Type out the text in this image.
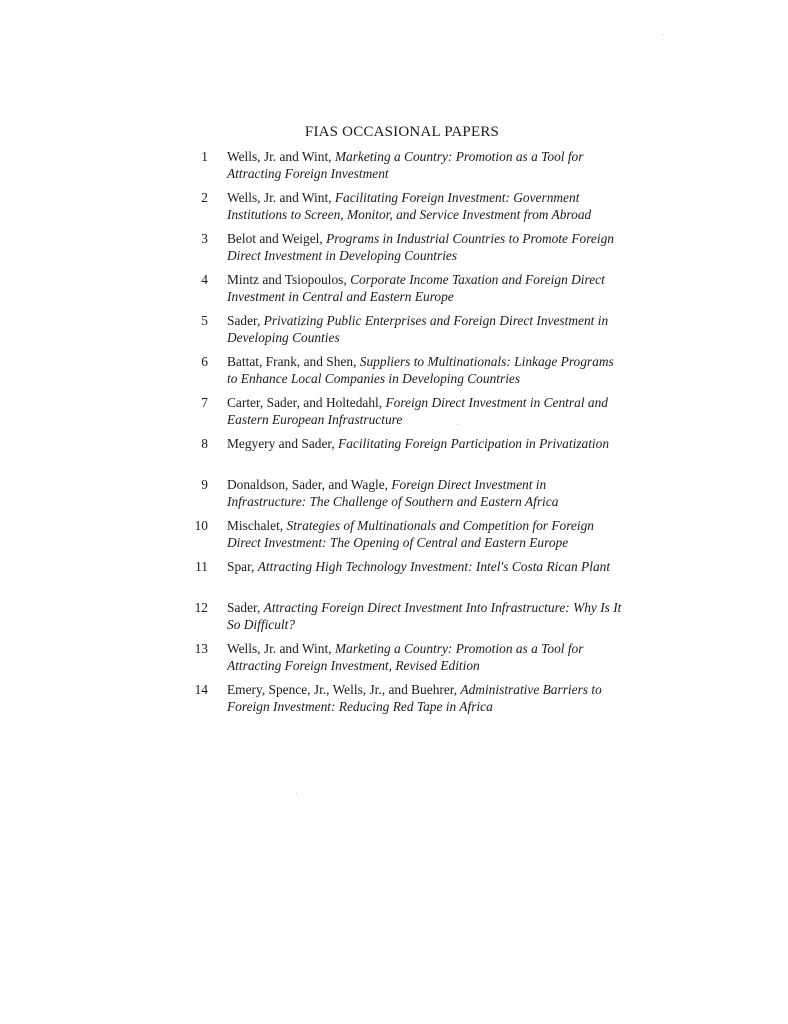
FIAS OCCASIONAL PAPERS
1 Wells, Jr. and Wint, Marketing a Country: Promotion as a Tool for Attracting Foreign Investment
2 Wells, Jr. and Wint, Facilitating Foreign Investment: Government Institutions to Screen, Monitor, and Service Investment from Abroad
3 Belot and Weigel, Programs in Industrial Countries to Promote Foreign Direct Investment in Developing Countries
4 Mintz and Tsiopoulos, Corporate Income Taxation and Foreign Direct Investment in Central and Eastern Europe
5 Sader, Privatizing Public Enterprises and Foreign Direct Investment in Developing Counties
6 Battat, Frank, and Shen, Suppliers to Multinationals: Linkage Programs to Enhance Local Companies in Developing Countries
7 Carter, Sader, and Holtedahl, Foreign Direct Investment in Central and Eastern European Infrastructure
8 Megyery and Sader, Facilitating Foreign Participation in Privatization
9 Donaldson, Sader, and Wagle, Foreign Direct Investment in Infrastructure: The Challenge of Southern and Eastern Africa
10 Mischalet, Strategies of Multinationals and Competition for Foreign Direct Investment: The Opening of Central and Eastern Europe
11 Spar, Attracting High Technology Investment: Intel's Costa Rican Plant
12 Sader, Attracting Foreign Direct Investment Into Infrastructure: Why Is It So Difficult?
13 Wells, Jr. and Wint, Marketing a Country: Promotion as a Tool for Attracting Foreign Investment, Revised Edition
14 Emery, Spence, Jr., Wells, Jr., and Buehrer, Administrative Barriers to Foreign Investment: Reducing Red Tape in Africa
